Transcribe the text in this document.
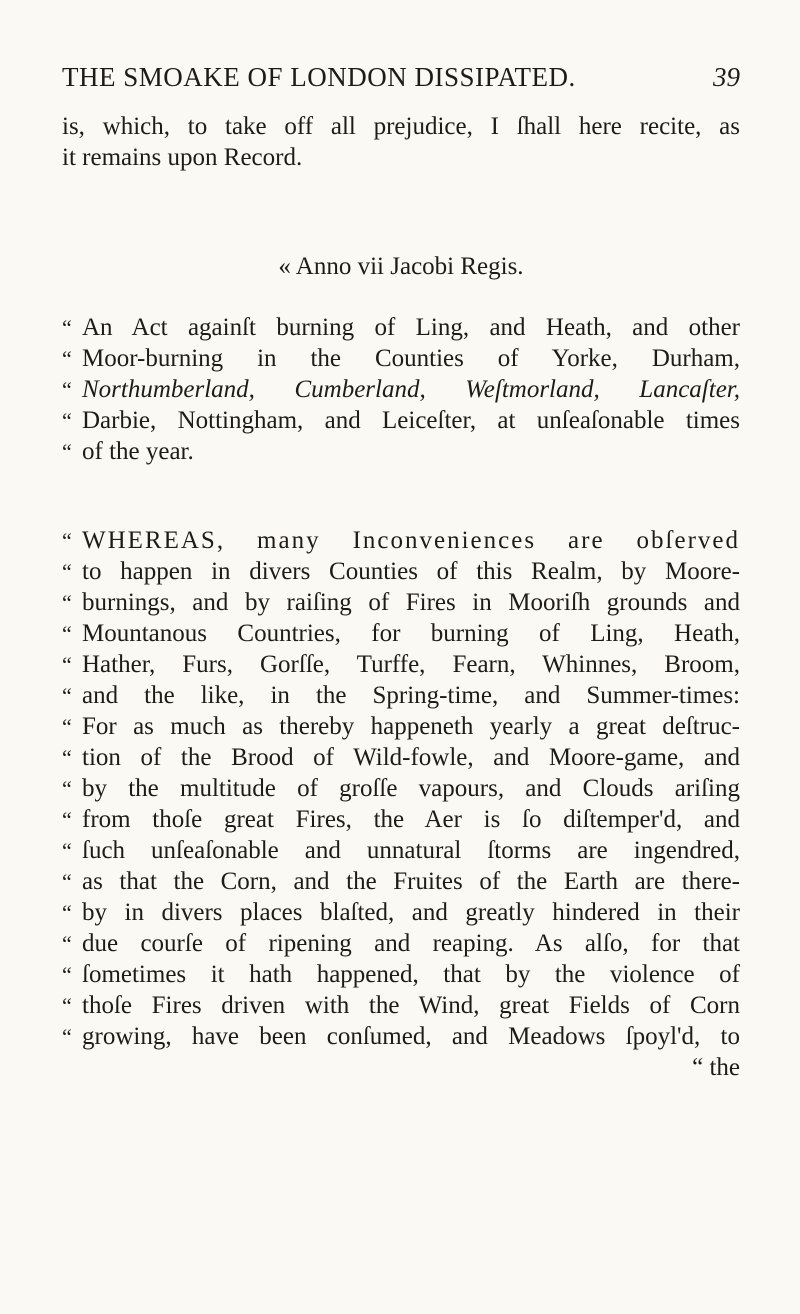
THE SMOAKE OF LONDON DISSIPATED.	39
is, which, to take off all prejudice, I ſhall here recite, as
it remains upon Record.
« Anno vii Jacobi Regis.
“ An Act againſt burning of Ling, and Heath, and other
“ Moor-burning in the Counties of Yorke, Durham,
“ Northumberland, Cumberland, Weſtmorland, Lancaſter,
“ Darbie, Nottingham, and Leiceſter, at unſeaſonable times
“ of the year.
“ WHEREAS, many Inconveniences are obſerved
“ to happen in divers Counties of this Realm, by Moore-
“ burnings, and by raiſing of Fires in Mooriſh grounds and
“ Mountanous Countries, for burning of Ling, Heath,
“ Hather, Furs, Gorſſe, Turffe, Fearn, Whinnes, Broom,
“ and the like, in the Spring-time, and Summer-times:
“ For as much as thereby happeneth yearly a great deſtruc-
“ tion of the Brood of Wild-fowle, and Moore-game, and
“ by the multitude of groſſe vapours, and Clouds ariſing
“ from thoſe great Fires, the Aer is ſo diſtemper'd, and
“ ſuch unſeaſonable and unnatural ſtorms are ingendred,
“ as that the Corn, and the Fruites of the Earth are there-
“ by in divers places blaſted, and greatly hindered in their
“ due courſe of ripening and reaping. As alſo, for that
“ ſometimes it hath happened, that by the violence of
“ thoſe Fires driven with the Wind, great Fields of Corn
“ growing, have been conſumed, and Meadows ſpoyl'd, to
“ the
